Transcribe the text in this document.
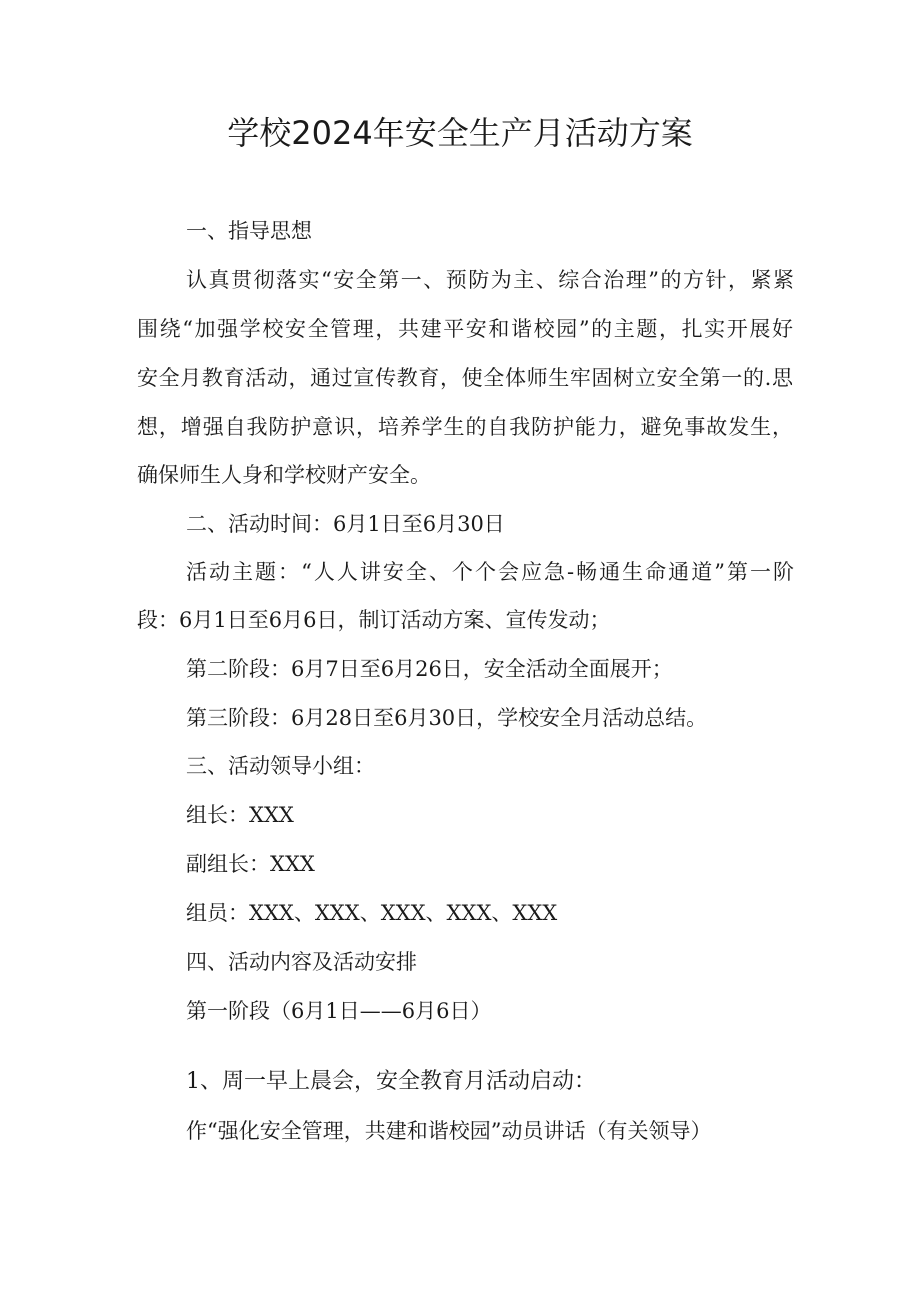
学校2024年安全生产月活动方案

一、指导思想

认真贯彻落实“安全第一、预防为主、综合治理”的方针，紧紧

围绕“加强学校安全管理，共建平安和谐校园”的主题，扎实开展好

安全月教育活动，通过宣传教育，使全体师生牢固树立安全第一的.思

想，增强自我防护意识，培养学生的自我防护能力，避免事故发生，

确保师生人身和学校财产安全。

二、活动时间：6月1日至6月30日

活动主题：“人人讲安全、个个会应急-畅通生命通道”第一阶

段：6月1日至6月6日，制订活动方案、宣传发动；

第二阶段：6月7日至6月26日，安全活动全面展开；

第三阶段：6月28日至6月30日，学校安全月活动总结。

三、活动领导小组：

组长：XXX

副组长：XXX

组员：XXX、XXX、XXX、XXX、XXX

四、活动内容及活动安排

第一阶段（6月1日——6月6日）

1、周一早上晨会，安全教育月活动启动：

作“强化安全管理，共建和谐校园”动员讲话（有关领导）
